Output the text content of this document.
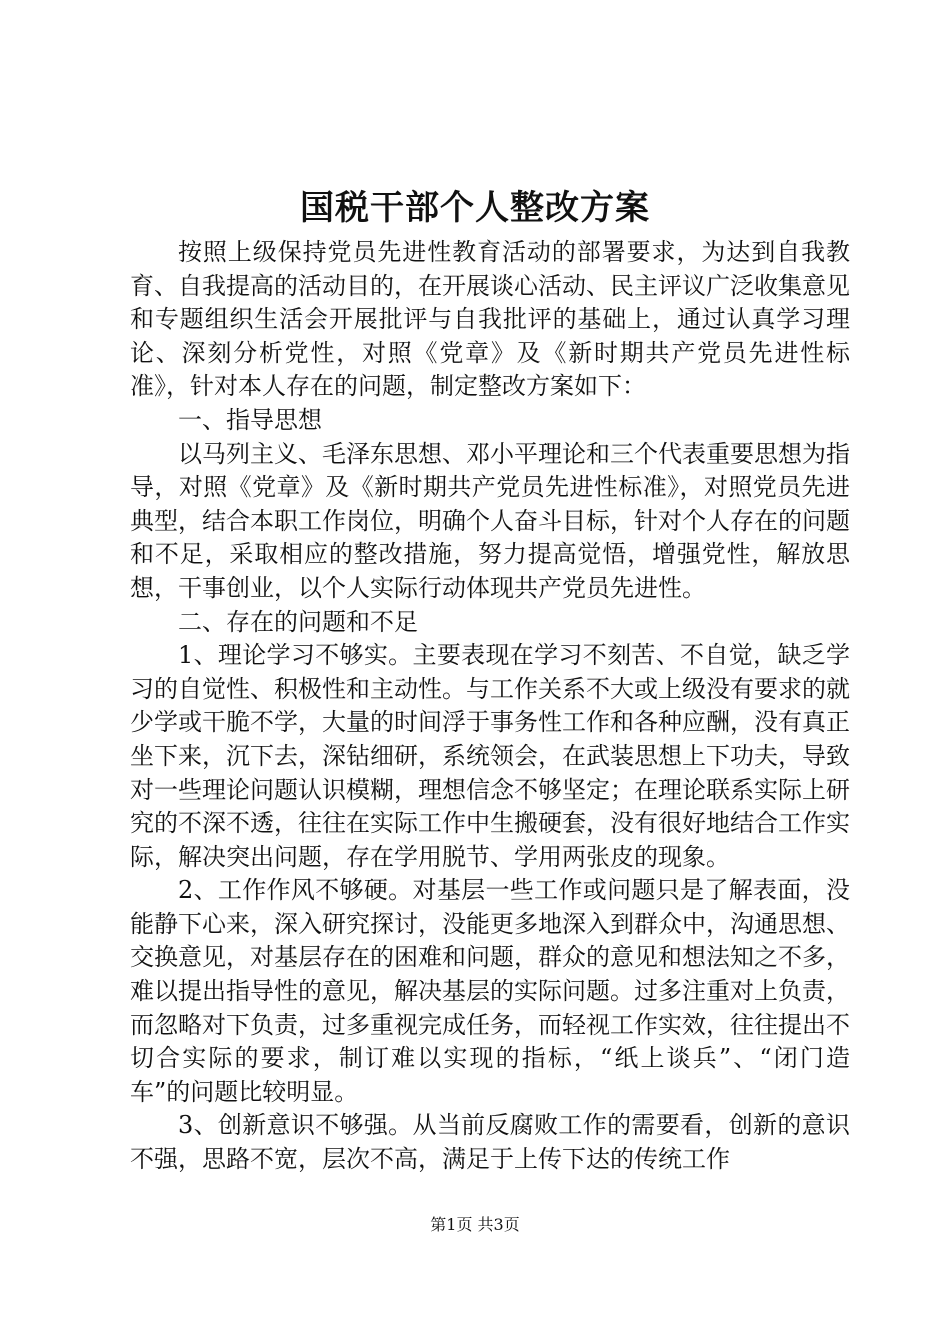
国税干部个人整改方案

按照上级保持党员先进性教育活动的部署要求，为达到自我教育、自我提高的活动目的，在开展谈心活动、民主评议广泛收集意见和专题组织生活会开展批评与自我批评的基础上，通过认真学习理论、深刻分析党性，对照《党章》及《新时期共产党员先进性标准》，针对本人存在的问题，制定整改方案如下：

一、指导思想

以马列主义、毛泽东思想、邓小平理论和三个代表重要思想为指导，对照《党章》及《新时期共产党员先进性标准》，对照党员先进典型，结合本职工作岗位，明确个人奋斗目标，针对个人存在的问题和不足，采取相应的整改措施，努力提高觉悟，增强党性，解放思想，干事创业，以个人实际行动体现共产党员先进性。

二、存在的问题和不足

1、理论学习不够实。主要表现在学习不刻苦、不自觉，缺乏学习的自觉性、积极性和主动性。与工作关系不大或上级没有要求的就少学或干脆不学，大量的时间浮于事务性工作和各种应酬，没有真正坐下来，沉下去，深钻细研，系统领会，在武装思想上下功夫，导致对一些理论问题认识模糊，理想信念不够坚定；在理论联系实际上研究的不深不透，往往在实际工作中生搬硬套，没有很好地结合工作实际，解决突出问题，存在学用脱节、学用两张皮的现象。

2、工作作风不够硬。对基层一些工作或问题只是了解表面，没能静下心来，深入研究探讨，没能更多地深入到群众中，沟通思想、交换意见，对基层存在的困难和问题，群众的意见和想法知之不多，难以提出指导性的意见，解决基层的实际问题。过多注重对上负责，而忽略对下负责，过多重视完成任务，而轻视工作实效，往往提出不切合实际的要求，制订难以实现的指标，“纸上谈兵”、“闭门造车”的问题比较明显。

3、创新意识不够强。从当前反腐败工作的需要看，创新的意识不强，思路不宽，层次不高，满足于上传下达的传统工作

第1页 共3页
